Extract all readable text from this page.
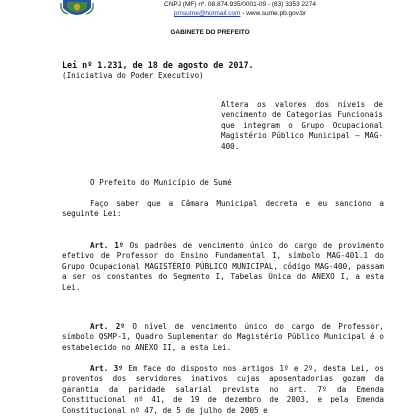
CNPJ (MF) nº. 08.874.935/0001-09 - (83) 3353 2274
pmsume@hotmail.com - www.sume.pb.gov.br
GABINETE DO PREFEITO
Lei nº 1.231, de 18 de agosto de 2017.
(Iniciativa do Poder Executivo)
Altera os valores dos níveis de vencimento de Categorias Funcionais que integram o Grupo Ocupacional Magistério Público Municipal — MAG-400.
O Prefeito do Município de Sumé
Faço saber que a Câmara Municipal decreta e eu sanciono a seguinte Lei:
Art. 1º Os padrões de vencimento único do cargo de provimento efetivo de Professor do Ensino Fundamental I, símbolo MAG-401.1 do Grupo Ocupacional MAGISTÉRIO PÚBLICO MUNICIPAL, código MAG-400, passam a ser os constantes do Segmento I, Tabelas Única do ANEXO I, a esta Lei.
Art. 2º O nível de vencimento único do cargo de Professor, símbolo QSMP-1, Quadro Suplementar do Magistério Público Municipal é o estabelecido no ANEXO II, a esta Lei.
Art. 3º Em face do disposto nos artigos 1º e 2º, desta Lei, os proventos dos servidores inativos cujas aposentadorias gozam da garantia da paridade salarial prevista no art. 7º da Emenda Constitucional nº 41, de 19 de dezembro de 2003, e pela Emenda Constitucional nº 47, de 5 de julho de 2005 e
